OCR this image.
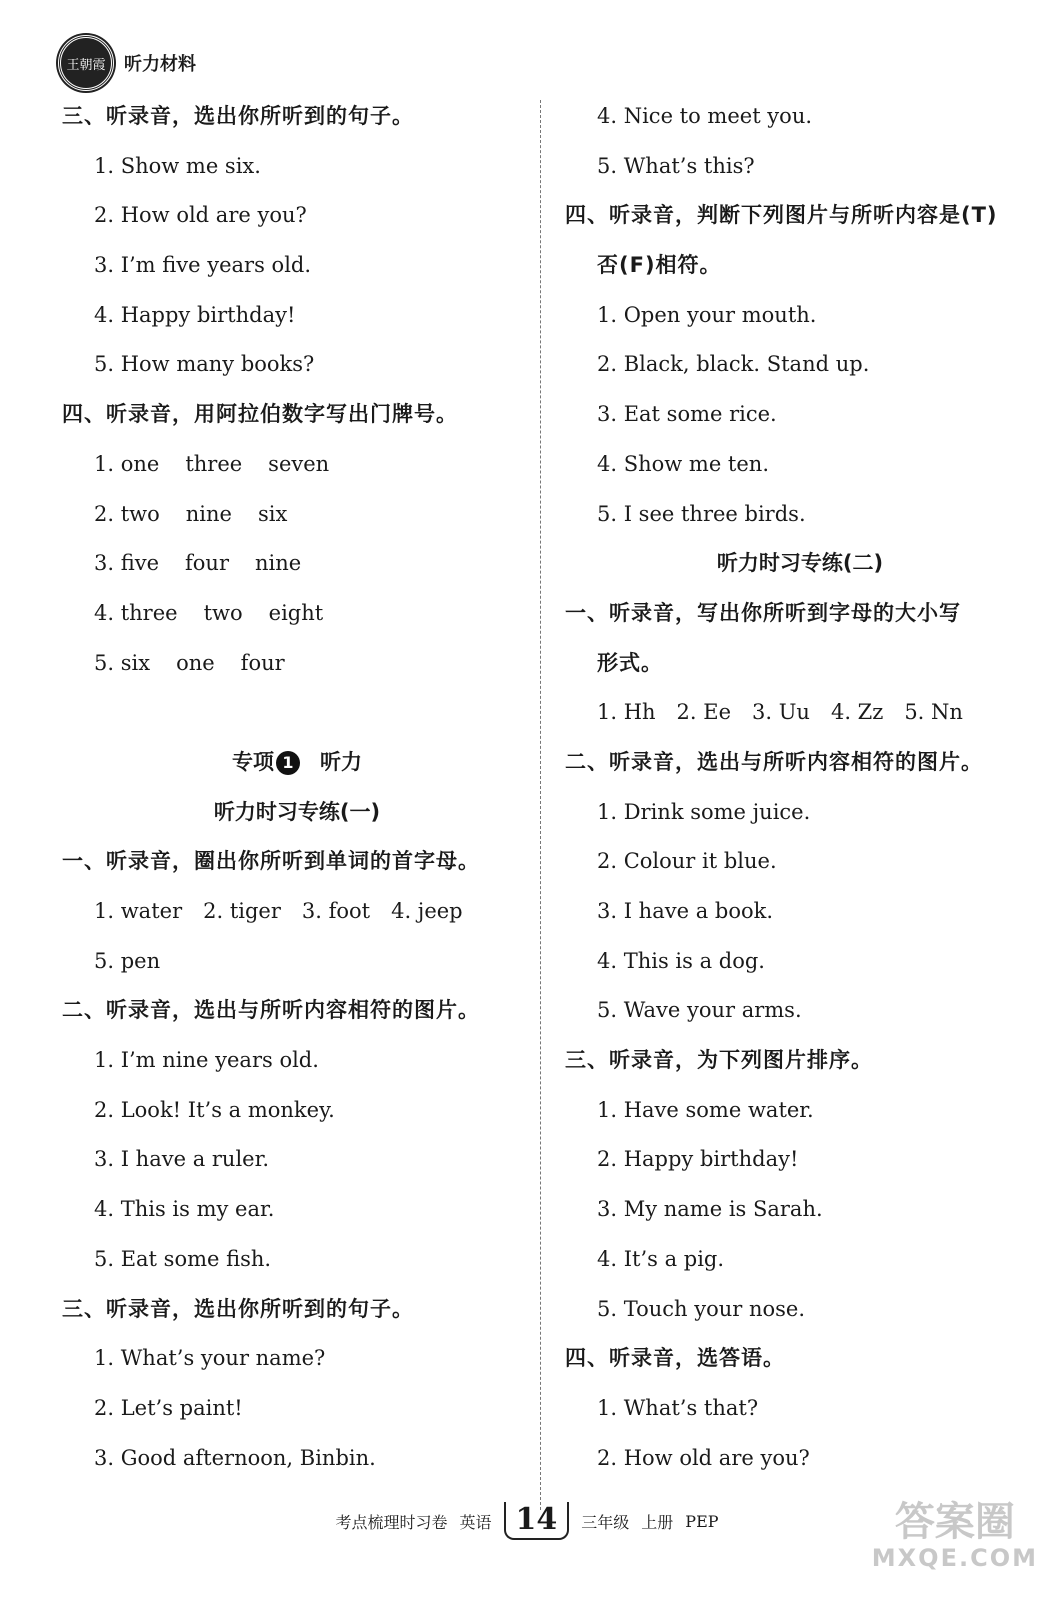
王朝霞	听力材料
三、听录音，选出你所听到的句子。
1. Show me six.
2. How old are you?
3. I’m five years old.
4. Happy birthday!
5. How many books?
四、听录音，用阿拉伯数字写出门牌号。
1. one three seven
2. two nine six
3. five four nine
4. three two eight
5. six one four
专项 1 听力
听力时习专练(一)
一、听录音，圈出你所听到单词的首字母。
1. water　2. tiger　3. foot　4. jeep
5. pen
二、听录音，选出与所听内容相符的图片。
1. I’m nine years old.
2. Look! It’s a monkey.
3. I have a ruler.
4. This is my ear.
5. Eat some fish.
三、听录音，选出你所听到的句子。
1. What’s your name?
2. Let’s paint!
3. Good afternoon, Binbin.
4. Nice to meet you.
5. What’s this?
四、听录音，判断下列图片与所听内容是(T)
否(F)相符。
1. Open your mouth.
2. Black, black. Stand up.
3. Eat some rice.
4. Show me ten.
5. I see three birds.
听力时习专练(二)
一、听录音，写出你所听到字母的大小写
形式。
1. Hh　2. Ee　3. Uu　4. Zz　5. Nn
二、听录音，选出与所听内容相符的图片。
1. Drink some juice.
2. Colour it blue.
3. I have a book.
4. This is a dog.
5. Wave your arms.
三、听录音，为下列图片排序。
1. Have some water.
2. Happy birthday!
3. My name is Sarah.
4. It’s a pig.
5. Touch your nose.
四、听录音，选答语。
1. What’s that?
2. How old are you?
考点梳理时习卷 英语 14	三年级 上册 PEP	答案圈
MXQE.COM
